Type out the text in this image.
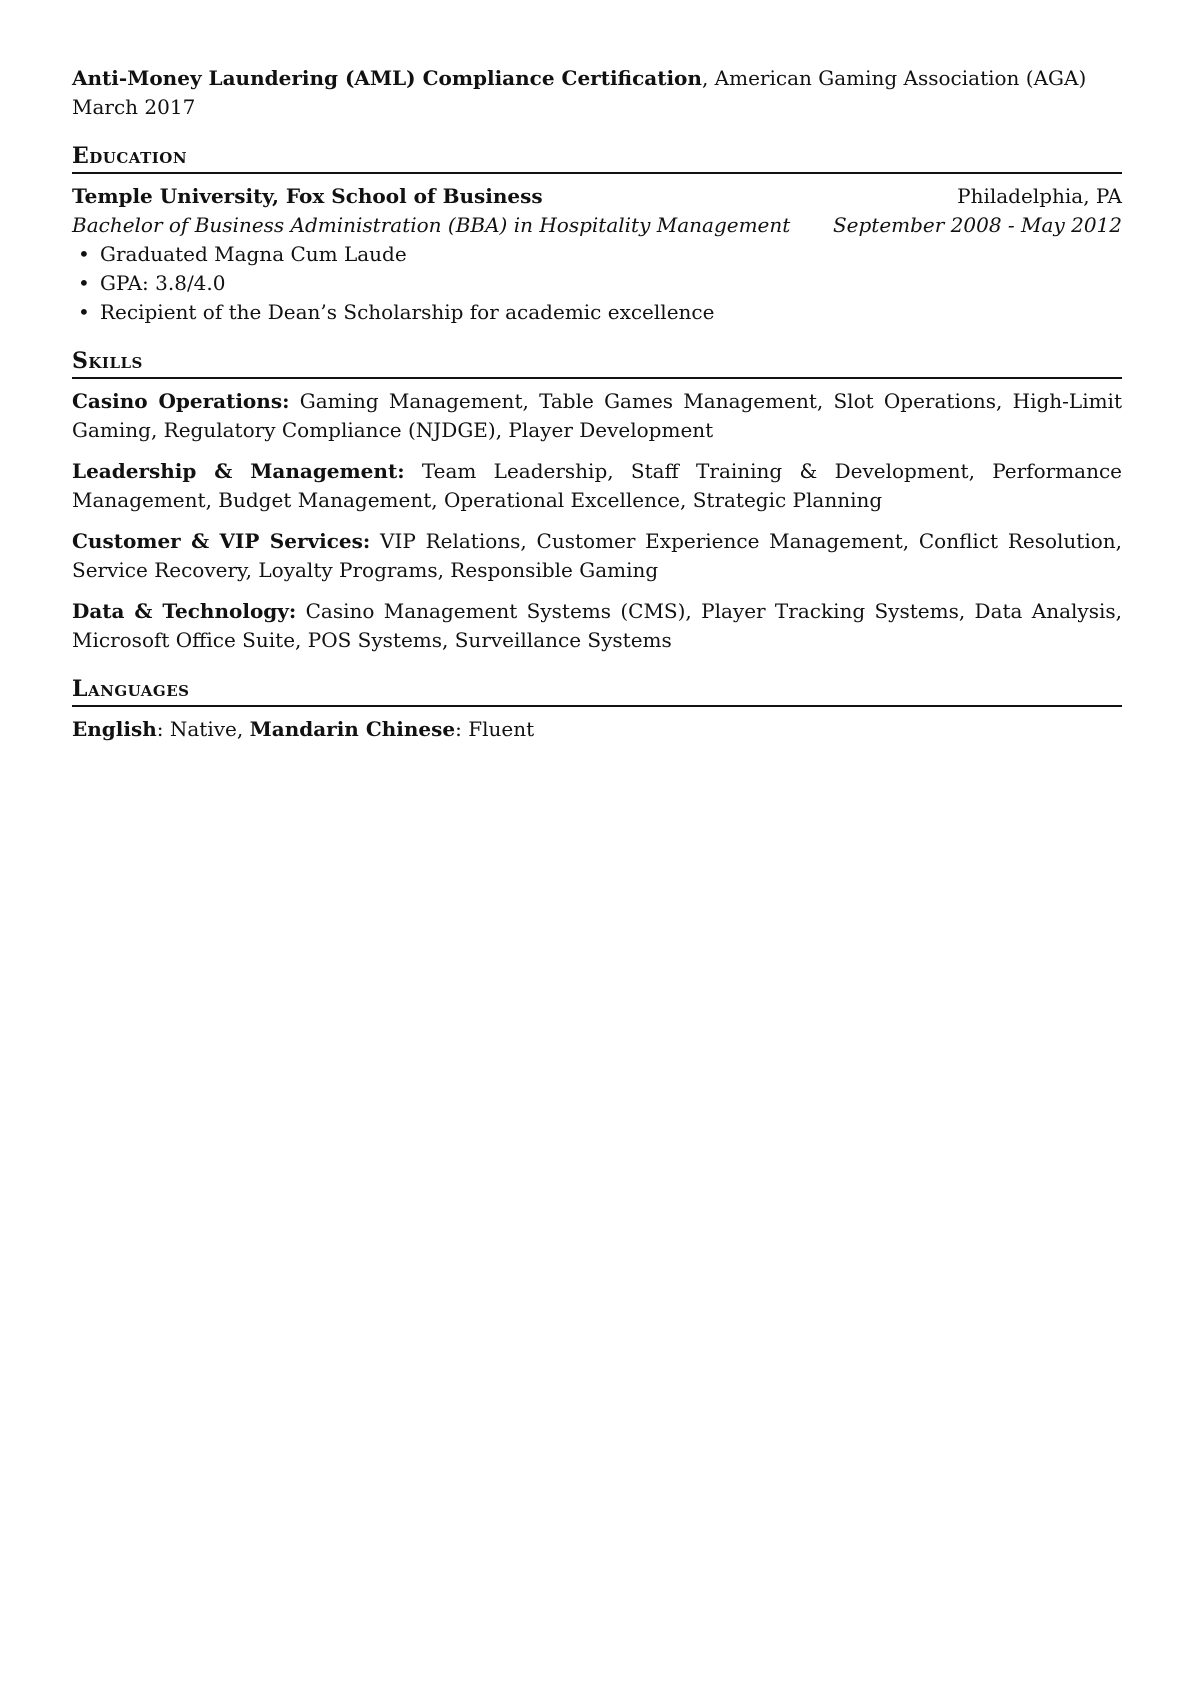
Anti-Money Laundering (AML) Compliance Certification, American Gaming Association (AGA)
March 2017
Education
Temple University, Fox School of Business	Philadelphia, PA
Bachelor of Business Administration (BBA) in Hospitality Management September 2008 - May 2012
• Graduated Magna Cum Laude
• GPA: 3.8/4.0
• Recipient of the Dean’s Scholarship for academic excellence
Skills
Casino Operations: Gaming Management, Table Games Management, Slot Operations, High-Limit Gaming, Regulatory Compliance (NJDGE), Player Development
Leadership & Management: Team Leadership, Staff Training & Development, Performance Management, Budget Management, Operational Excellence, Strategic Planning
Customer & VIP Services: VIP Relations, Customer Experience Management, Conflict Resolution, Service Recovery, Loyalty Programs, Responsible Gaming
Data & Technology: Casino Management Systems (CMS), Player Tracking Systems, Data Analysis, Microsoft Office Suite, POS Systems, Surveillance Systems
Languages
English: Native, Mandarin Chinese: Fluent
